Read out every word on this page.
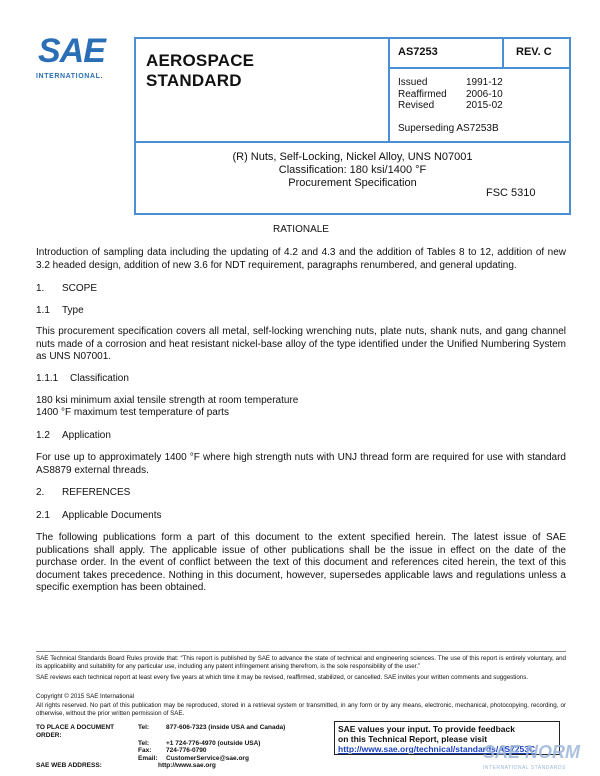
SAE
INTERNATIONAL.
AEROSPACE
STANDARD
AS7253	REV. C
Issued	1991-12
Reaffirmed	2006-10
Revised	2015-02
Superseding AS7253B
(R) Nuts, Self-Locking, Nickel Alloy, UNS N07001
Classification: 180 ksi/1400 °F
Procurement Specification
FSC 5310
RATIONALE
Introduction of sampling data including the updating of 4.2 and 4.3 and the addition of Tables 8 to 12, addition of new 3.2 headed design, addition of new 3.6 for NDT requirement, paragraphs renumbered, and general updating.
1. SCOPE
1.1 Type
This procurement specification covers all metal, self-locking wrenching nuts, plate nuts, shank nuts, and gang channel nuts made of a corrosion and heat resistant nickel-base alloy of the type identified under the Unified Numbering System as UNS N07001.
1.1.1 Classification
180 ksi minimum axial tensile strength at room temperature
1400 °F maximum test temperature of parts
1.2 Application
For use up to approximately 1400 °F where high strength nuts with UNJ thread form are required for use with standard AS8879 external threads.
2. REFERENCES
2.1 Applicable Documents
The following publications form a part of this document to the extent specified herein. The latest issue of SAE publications shall apply. The applicable issue of other publications shall be the issue in effect on the date of the purchase order. In the event of conflict between the text of this document and references cited herein, the text of this document takes precedence. Nothing in this document, however, supersedes applicable laws and regulations unless a specific exemption has been obtained.
SAE Technical Standards Board Rules provide that: “This report is published by SAE to advance the state of technical and engineering sciences. The use of this report is entirely voluntary, and its applicability and suitability for any particular use, including any patent infringement arising therefrom, is the sole responsibility of the user.”
SAE reviews each technical report at least every five years at which time it may be revised, reaffirmed, stabilized, or cancelled. SAE invites your written comments and suggestions.
Copyright © 2015 SAE International
All rights reserved. No part of this publication may be reproduced, stored in a retrieval system or transmitted, in any form or by any means, electronic, mechanical, photocopying, recording, or otherwise, without the prior written permission of SAE.
TO PLACE A DOCUMENT ORDER:	Tel:	877-606-7323 (inside USA and Canada)
	Tel:	+1 724-776-4970 (outside USA)
	Fax:	724-776-0790
	Email:	CustomerService@sae.org
SAE WEB ADDRESS:	http://www.sae.org
SAE values your input. To provide feedback
on this Technical Report, please visit
http://www.sae.org/technical/standards/AS7253C
SAE NORM
INTERNATIONAL STANDARDS
